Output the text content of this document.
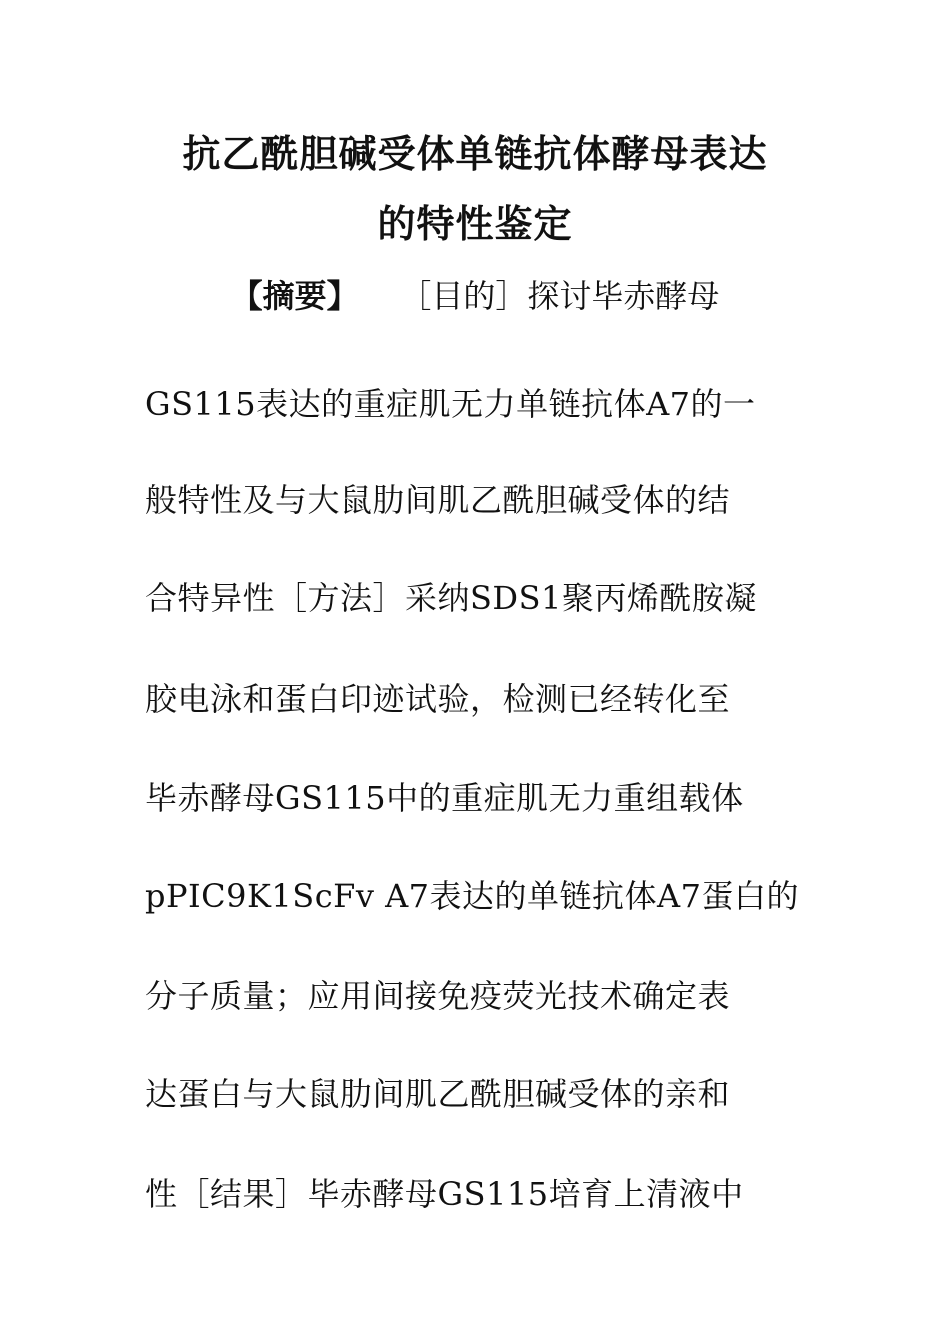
抗乙酰胆碱受体单链抗体酵母表达
的特性鉴定
【摘要】 ［目的］探讨毕赤酵母
GS115表达的重症肌无力单链抗体A7的一
般特性及与大鼠肋间肌乙酰胆碱受体的结
合特异性［方法］采纳SDS1聚丙烯酰胺凝
胶电泳和蛋白印迹试验，检测已经转化至
毕赤酵母GS115中的重症肌无力重组载体
pPIC9K1ScFv A7表达的单链抗体A7蛋白的
分子质量；应用间接免疫荧光技术确定表
达蛋白与大鼠肋间肌乙酰胆碱受体的亲和
性［结果］毕赤酵母GS115培育上清液中
